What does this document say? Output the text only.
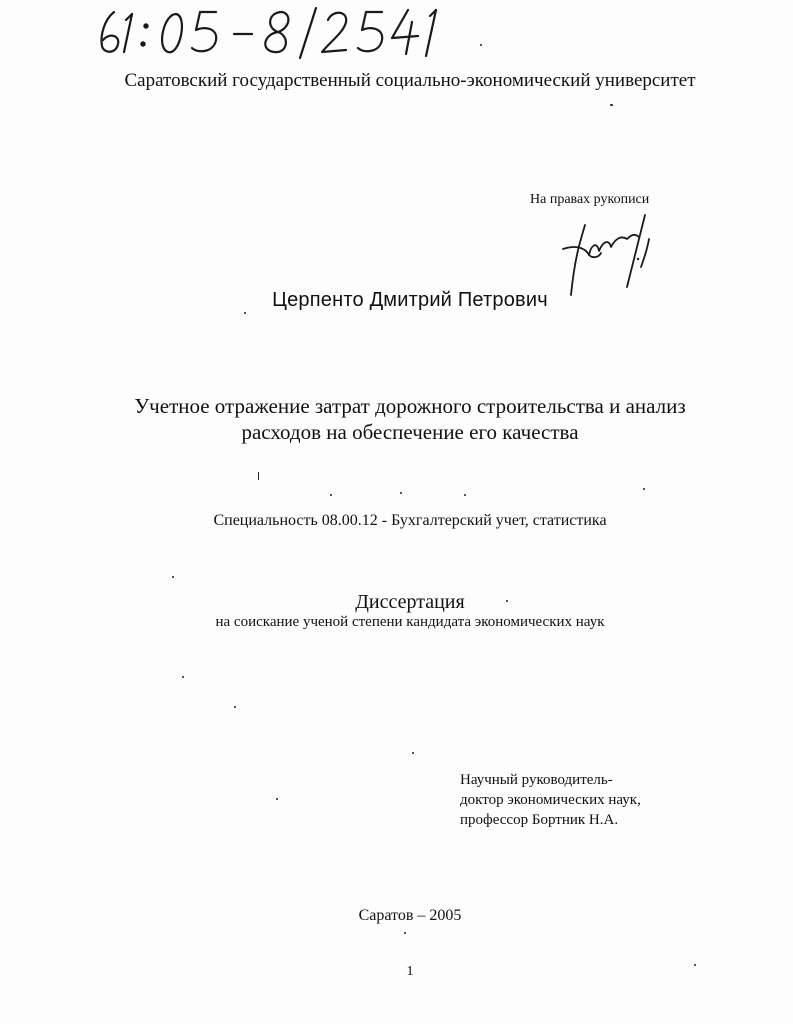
Саратовский государственный социально-экономический университет
На правах рукописи
Церпенто Дмитрий Петрович
Учетное отражение затрат дорожного строительства и анализ расходов на обеспечение его качества
Специальность 08.00.12 - Бухгалтерский учет, статистика
Диссертация
на соискание ученой степени кандидата экономических наук
Научный руководитель-
доктор экономических наук,
профессор Бортник Н.А.
Саратов – 2005
1
